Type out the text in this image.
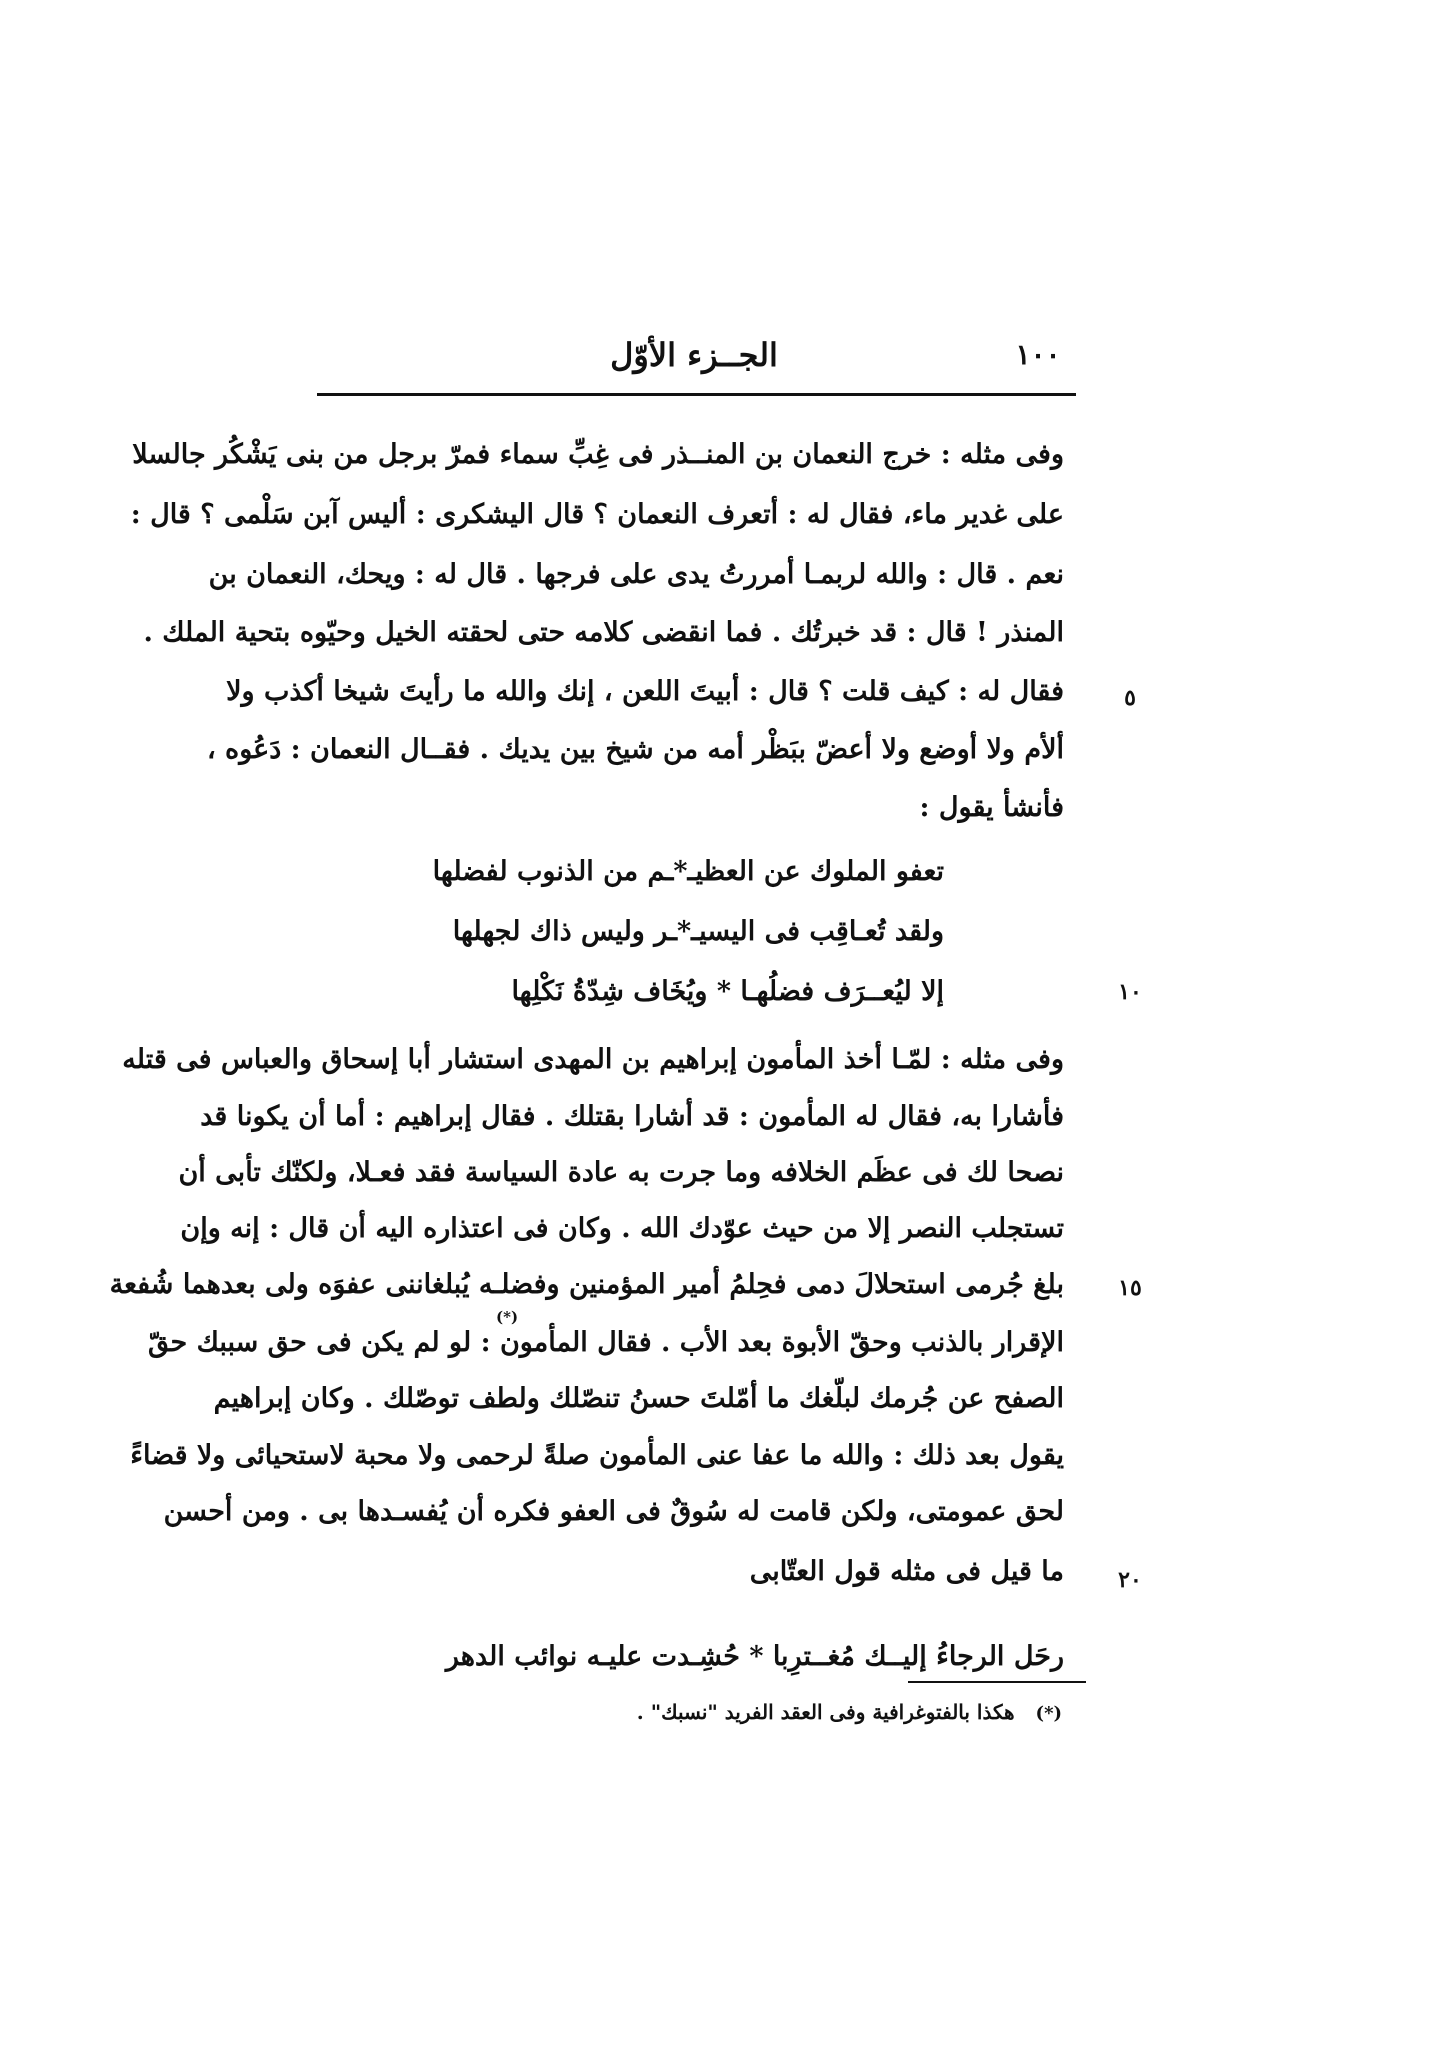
الجــزء الأوّل	١٠٠
وفى مثله : خرج النعمان بن المنــذر فى غِبِّ سماء فمرّ برجل من بنى يَشْكُر جالسلا
على غدير ماء، فقال له : أتعرف النعمان ؟ قال اليشكرى : أليس آبن سَلْمى ؟ قال :
نعم . قال : والله لربمـا أمررتُ يدى على فرجها . قال له : ويحك، النعمان بن
المنذر ! قال : قد خبرتُك . فما انقضى كلامه حتى لحقته الخيل وحيّوه بتحية الملك .
فقال له : كيف قلت ؟ قال : أبيتَ اللعن ، إنك والله ما رأيتَ شيخا أكذب ولا
ألأم ولا أوضع ولا أعضّ ببَظْر أمه من شيخ بين يديك . فقــال النعمان : دَعُوه ،
فأنشأ يقول :
تعفو الملوك عن العظيـ*ـم من الذنوب لفضلها
ولقد تُعـاقِب فى اليسيـ*ـر وليس ذاك لجهلها
إلا ليُعــرَف فضلُهـا * ويُخَاف شِدّةُ نَكْلِها
وفى مثله : لمّـا أخذ المأمون إبراهيم بن المهدى استشار أبا إسحاق والعباس فى قتله
فأشارا به، فقال له المأمون : قد أشارا بقتلك . فقال إبراهيم : أما أن يكونا قد
نصحا لك فى عظَم الخلافه وما جرت به عادة السياسة فقد فعـلا، ولكنّك تأبى أن
تستجلب النصر إلا من حيث عوّدك الله . وكان فى اعتذاره اليه أن قال : إنه وإن
بلغ جُرمى استحلالَ دمى فحِلمُ أمير المؤمنين وفضلـه يُبلغاننى عفوَه ولى بعدهما شُفعة
(*)
الإقرار بالذنب وحقّ الأبوة بعد الأب . فقال المأمون : لو لم يكن فى حق سببك حقّ
الصفح عن جُرمك لبلّغك ما أمّلتَ حسنُ تنصّلك ولطف توصّلك . وكان إبراهيم
يقول بعد ذلك : والله ما عفا عنى المأمون صلةً لرحمى ولا محبة لاستحيائى ولا قضاءً
لحق عمومتى، ولكن قامت له سُوقٌ فى العفو فكره أن يُفسـدها بى . ومن أحسن
ما قيل فى مثله قول العتّابى
رحَل الرجاءُ إليــك مُغــترِبا * حُشِـدت عليـه نوائب الدهر
٥
١٠
١٥
٢٠
(*) هكذا بالفتوغرافية وفى العقد الفريد "نسبك" .
